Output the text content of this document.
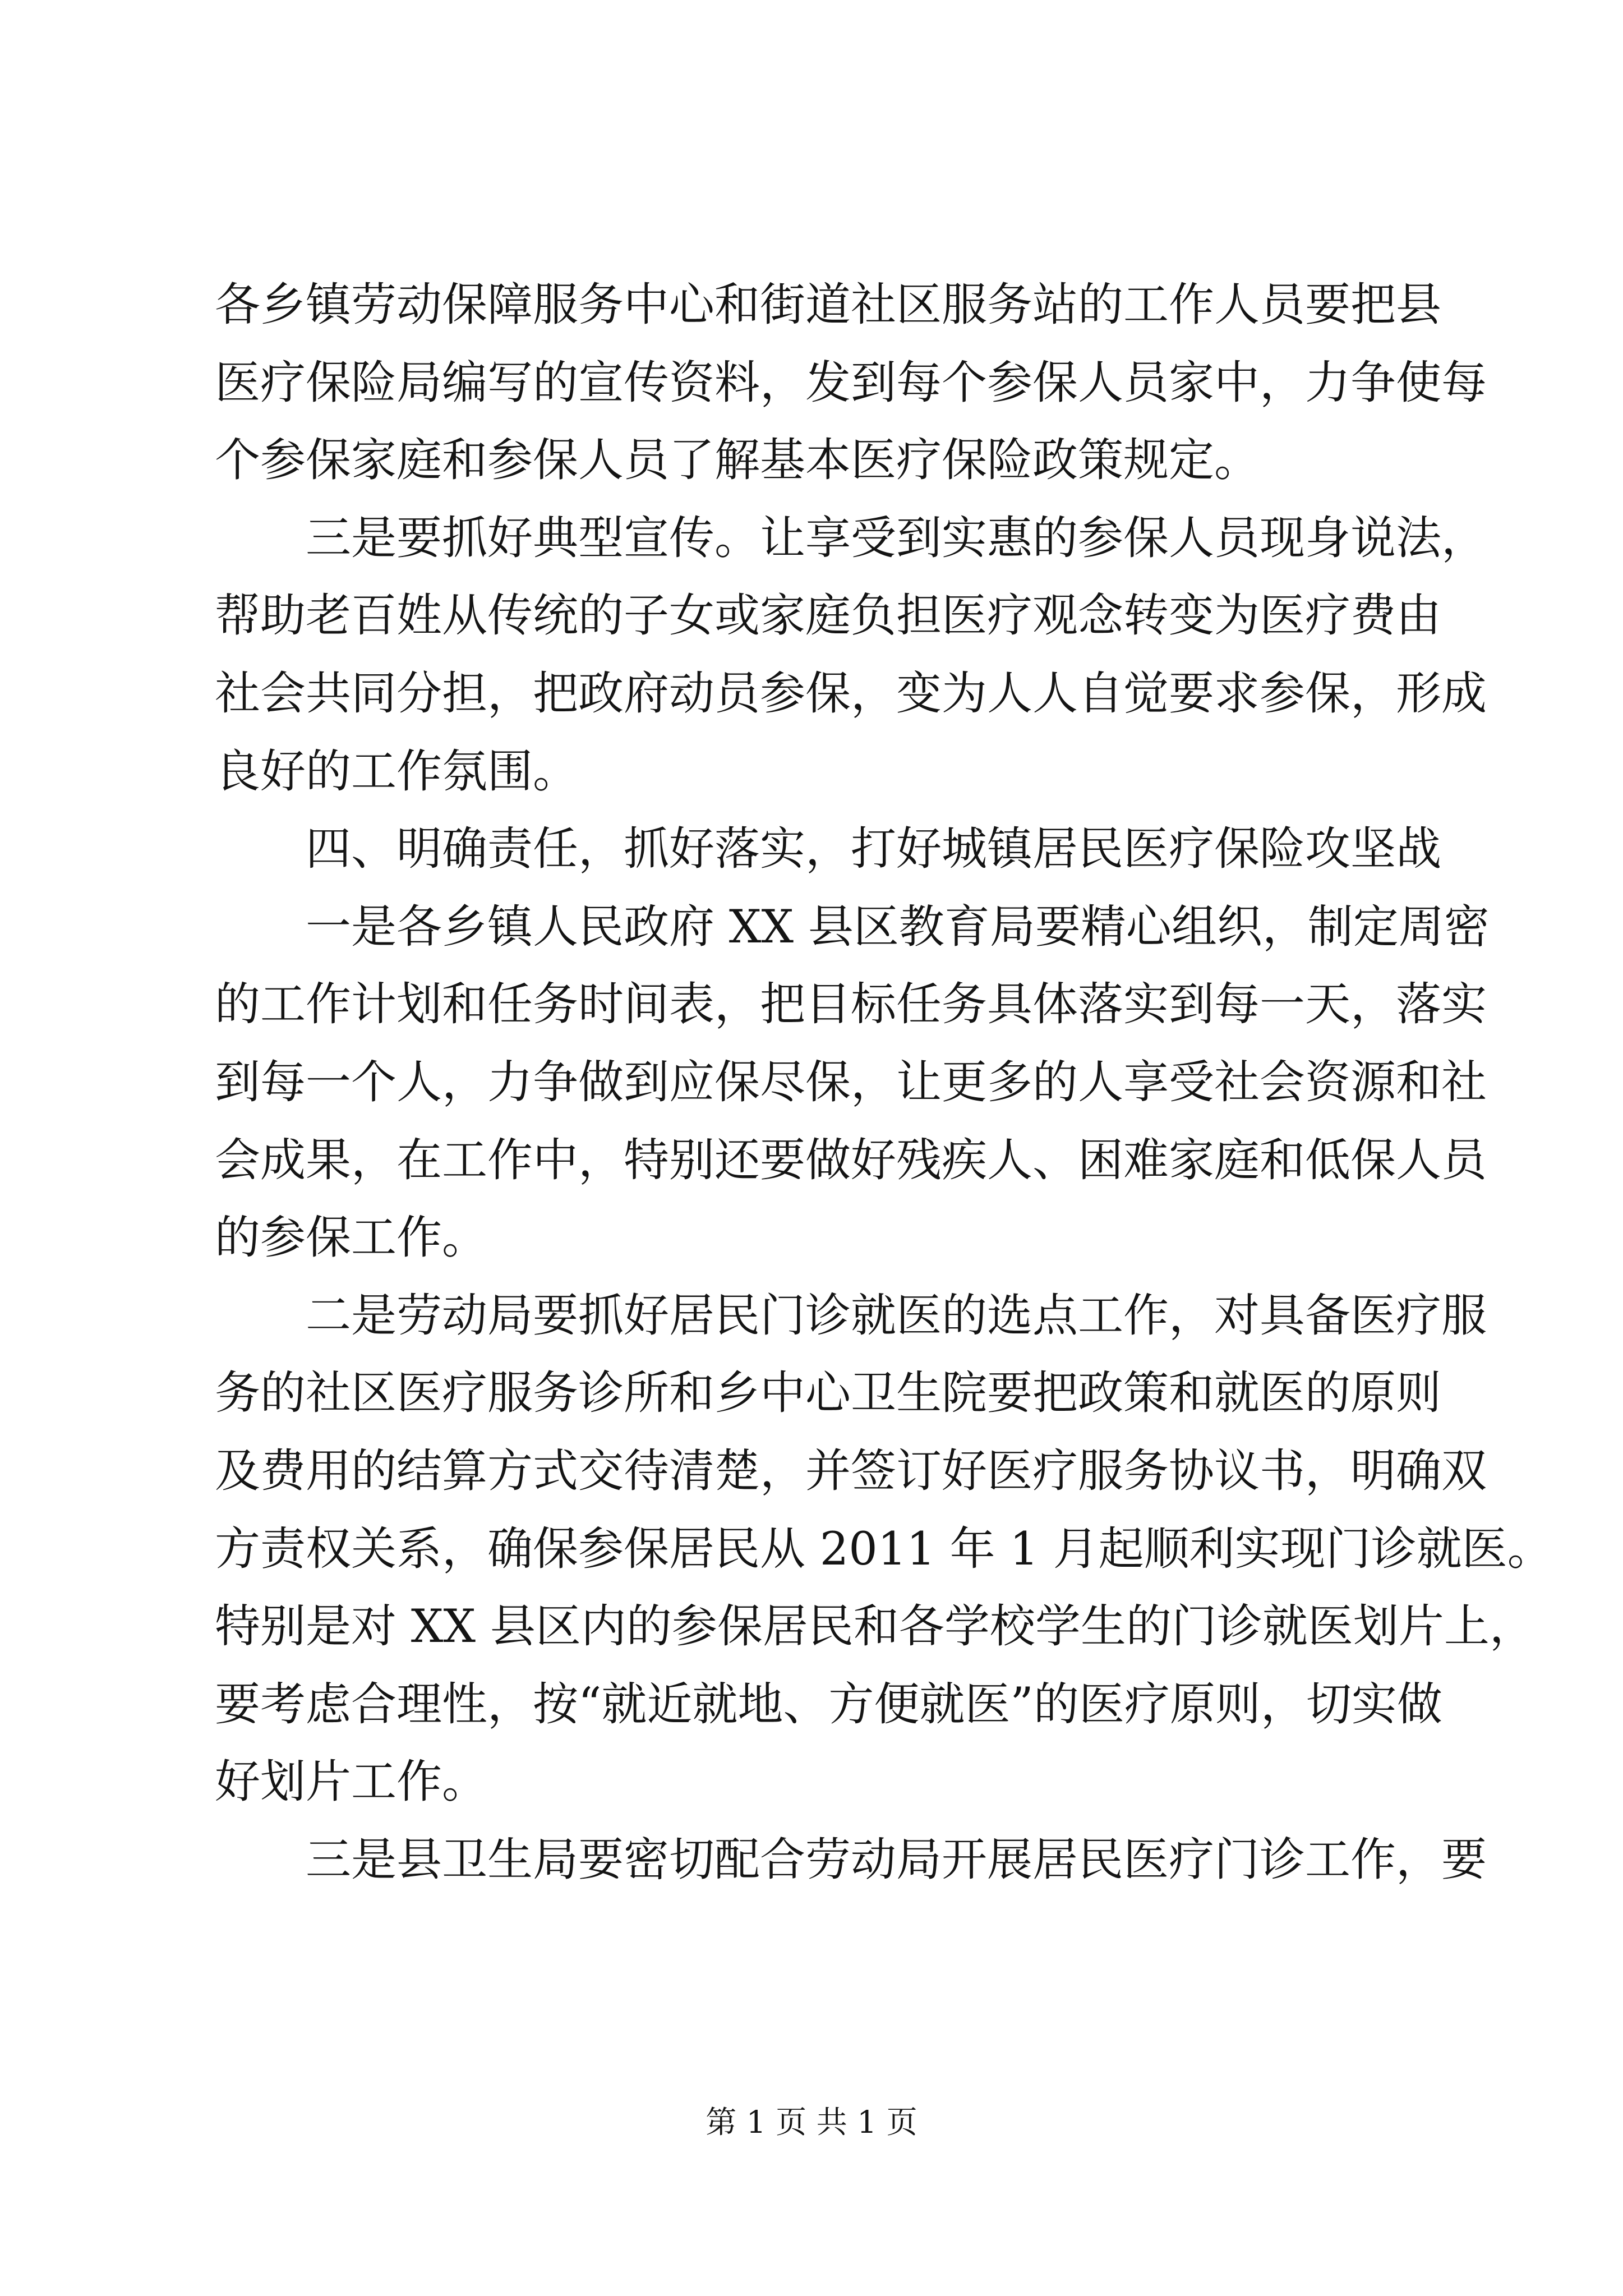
各乡镇劳动保障服务中心和街道社区服务站的工作人员要把县
医疗保险局编写的宣传资料，发到每个参保人员家中，力争使每
个参保家庭和参保人员了解基本医疗保险政策规定。
三是要抓好典型宣传。让享受到实惠的参保人员现身说法，
帮助老百姓从传统的子女或家庭负担医疗观念转变为医疗费由
社会共同分担，把政府动员参保，变为人人自觉要求参保，形成
良好的工作氛围。
四、明确责任，抓好落实，打好城镇居民医疗保险攻坚战
一是各乡镇人民政府 XX 县区教育局要精心组织，制定周密
的工作计划和任务时间表，把目标任务具体落实到每一天，落实
到每一个人，力争做到应保尽保，让更多的人享受社会资源和社
会成果，在工作中，特别还要做好残疾人、困难家庭和低保人员
的参保工作。
二是劳动局要抓好居民门诊就医的选点工作，对具备医疗服
务的社区医疗服务诊所和乡中心卫生院要把政策和就医的原则
及费用的结算方式交待清楚，并签订好医疗服务协议书，明确双
方责权关系，确保参保居民从 2011 年 1 月起顺利实现门诊就医。
特别是对 XX 县区内的参保居民和各学校学生的门诊就医划片上，
要考虑合理性，按“就近就地、方便就医”的医疗原则，切实做
好划片工作。
三是县卫生局要密切配合劳动局开展居民医疗门诊工作，要
第 1 页 共 1 页
